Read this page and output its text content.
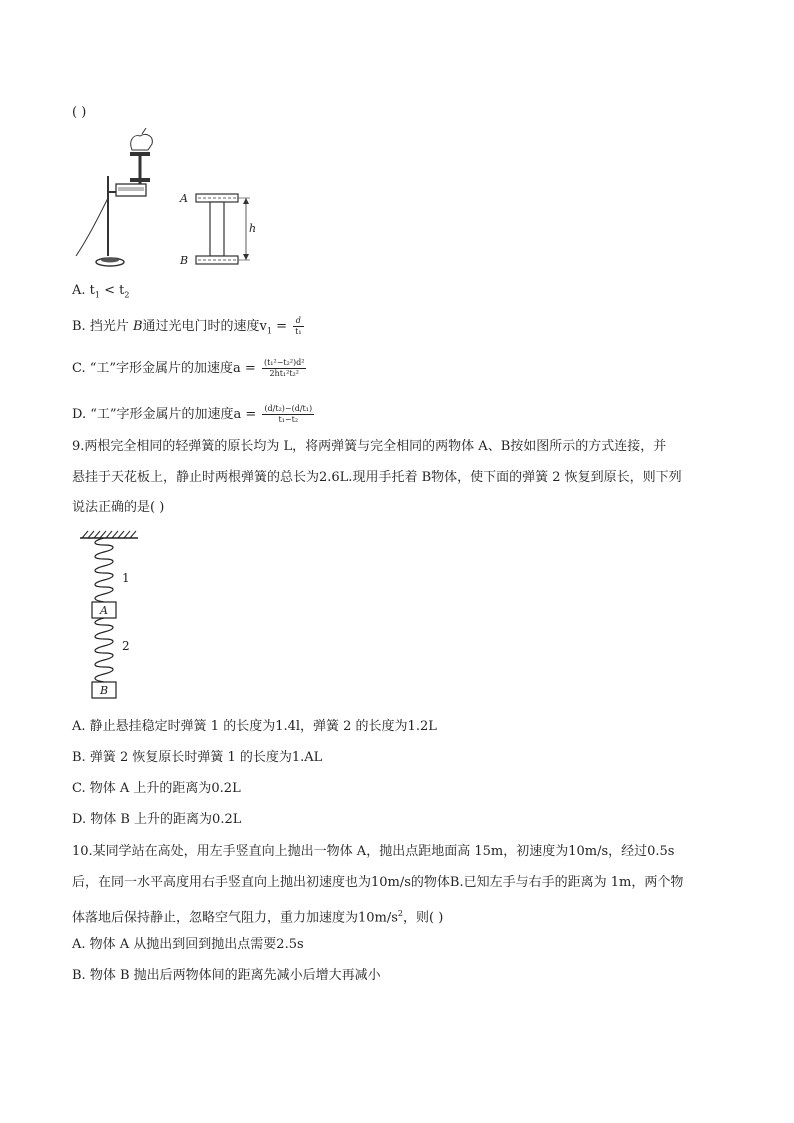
( )
A
B
h
A. $t_1 < t_2$
B. 挡光片 B通过光电门时的速度$v_1 = \frac{d}{\text{t₁}}$
C. “工”字形金属片的加速度$a = \frac{\text{(t₁²−t₂²)d²}}{\text{2ht₁²t₂²}}$
D. “工”字形金属片的加速度$a = \frac{\text{(d/t₂)−(d/t₁)}}{\text{t₁−t₂}}$
9.两根完全相同的轻弹簧的原长均为 L，将两弹簧与完全相同的两物体 A、B按如图所示的方式连接，并
悬挂于天花板上，静止时两根弹簧的总长为2.6L.现用手托着 B物体，使下面的弹簧 2 恢复到原长，则下列
说法正确的是( )
A
B
1
2
A. 静止悬挂稳定时弹簧 1 的长度为1.4l，弹簧 2 的长度为1.2L
B. 弹簧 2 恢复原长时弹簧 1 的长度为1.AL
C. 物体 A 上升的距离为0.2L
D. 物体 B 上升的距离为0.2L
10.某同学站在高处，用左手竖直向上抛出一物体 A，抛出点距地面高 15m，初速度为10m/s，经过0.5s
后，在同一水平高度用右手竖直向上抛出初速度也为10m/s的物体B.已知左手与右手的距离为 1m，两个物
体落地后保持静止，忽略空气阻力，重力加速度为$10m/s^2$，则( )
A. 物体 A 从抛出到回到抛出点需要2.5s
B. 物体 B 抛出后两物体间的距离先减小后增大再减小
